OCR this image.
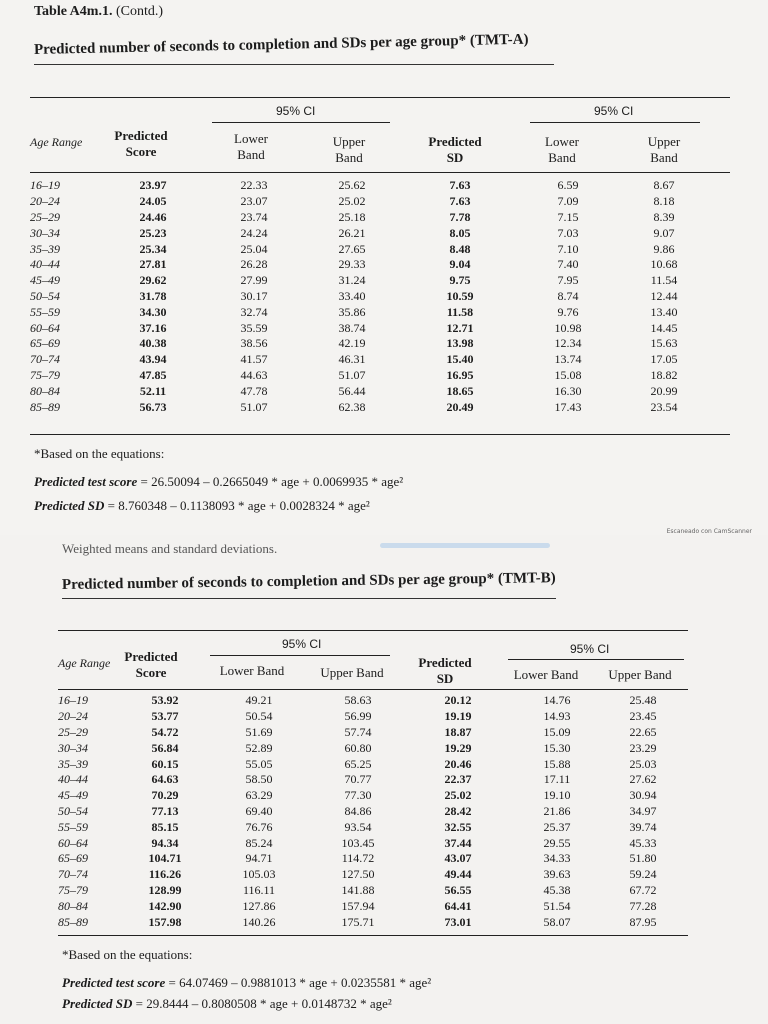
Table A4m.1. (Contd.)
Predicted number of seconds to completion and SDs per age group* (TMT-A)
95% CI	95% CI
Age Range	Predicted Score
Lower Band
Upper Band
Predicted SD
Lower Band
Upper Band
16–19	23.97	22.33	25.62	7.63	6.59	8.67
20–24	24.05	23.07	25.02	7.63	7.09	8.18
25–29	24.46	23.74	25.18	7.78	7.15	8.39
30–34	25.23	24.24	26.21	8.05	7.03	9.07
35–39	25.34	25.04	27.65	8.48	7.10	9.86
40–44	27.81	26.28	29.33	9.04	7.40	10.68
45–49	29.62	27.99	31.24	9.75	7.95	11.54
50–54	31.78	30.17	33.40	10.59	8.74	12.44
55–59	34.30	32.74	35.86	11.58	9.76	13.40
60–64	37.16	35.59	38.74	12.71	10.98	14.45
65–69	40.38	38.56	42.19	13.98	12.34	15.63
70–74	43.94	41.57	46.31	15.40	13.74	17.05
75–79	47.85	44.63	51.07	16.95	15.08	18.82
80–84	52.11	47.78	56.44	18.65	16.30	20.99
85–89	56.73	51.07	62.38	20.49	17.43	23.54
*Based on the equations:
Predicted test score = 26.50094 – 0.2665049 * age + 0.0069935 * age²
Predicted SD = 8.760348 – 0.1138093 * age + 0.0028324 * age²
Escaneado con CamScanner
Weighted means and standard deviations.
Predicted number of seconds to completion and SDs per age group* (TMT-B)
95% CI	95% CI
Age Range	Predicted Score	Lower Band	Upper Band
Predicted SD	Lower Band	Upper Band
16–19	53.92	49.21	58.63	20.12	14.76	25.48
20–24	53.77	50.54	56.99	19.19	14.93	23.45
25–29	54.72	51.69	57.74	18.87	15.09	22.65
30–34	56.84	52.89	60.80	19.29	15.30	23.29
35–39	60.15	55.05	65.25	20.46	15.88	25.03
40–44	64.63	58.50	70.77	22.37	17.11	27.62
45–49	70.29	63.29	77.30	25.02	19.10	30.94
50–54	77.13	69.40	84.86	28.42	21.86	34.97
55–59	85.15	76.76	93.54	32.55	25.37	39.74
60–64	94.34	85.24	103.45	37.44	29.55	45.33
65–69	104.71	94.71	114.72	43.07	34.33	51.80
70–74	116.26	105.03	127.50	49.44	39.63	59.24
75–79	128.99	116.11	141.88	56.55	45.38	67.72
80–84	142.90	127.86	157.94	64.41	51.54	77.28
85–89	157.98	140.26	175.71	73.01	58.07	87.95
*Based on the equations:
Predicted test score = 64.07469 – 0.9881013 * age + 0.0235581 * age²
Predicted SD = 29.8444 – 0.8080508 * age + 0.0148732 * age²
